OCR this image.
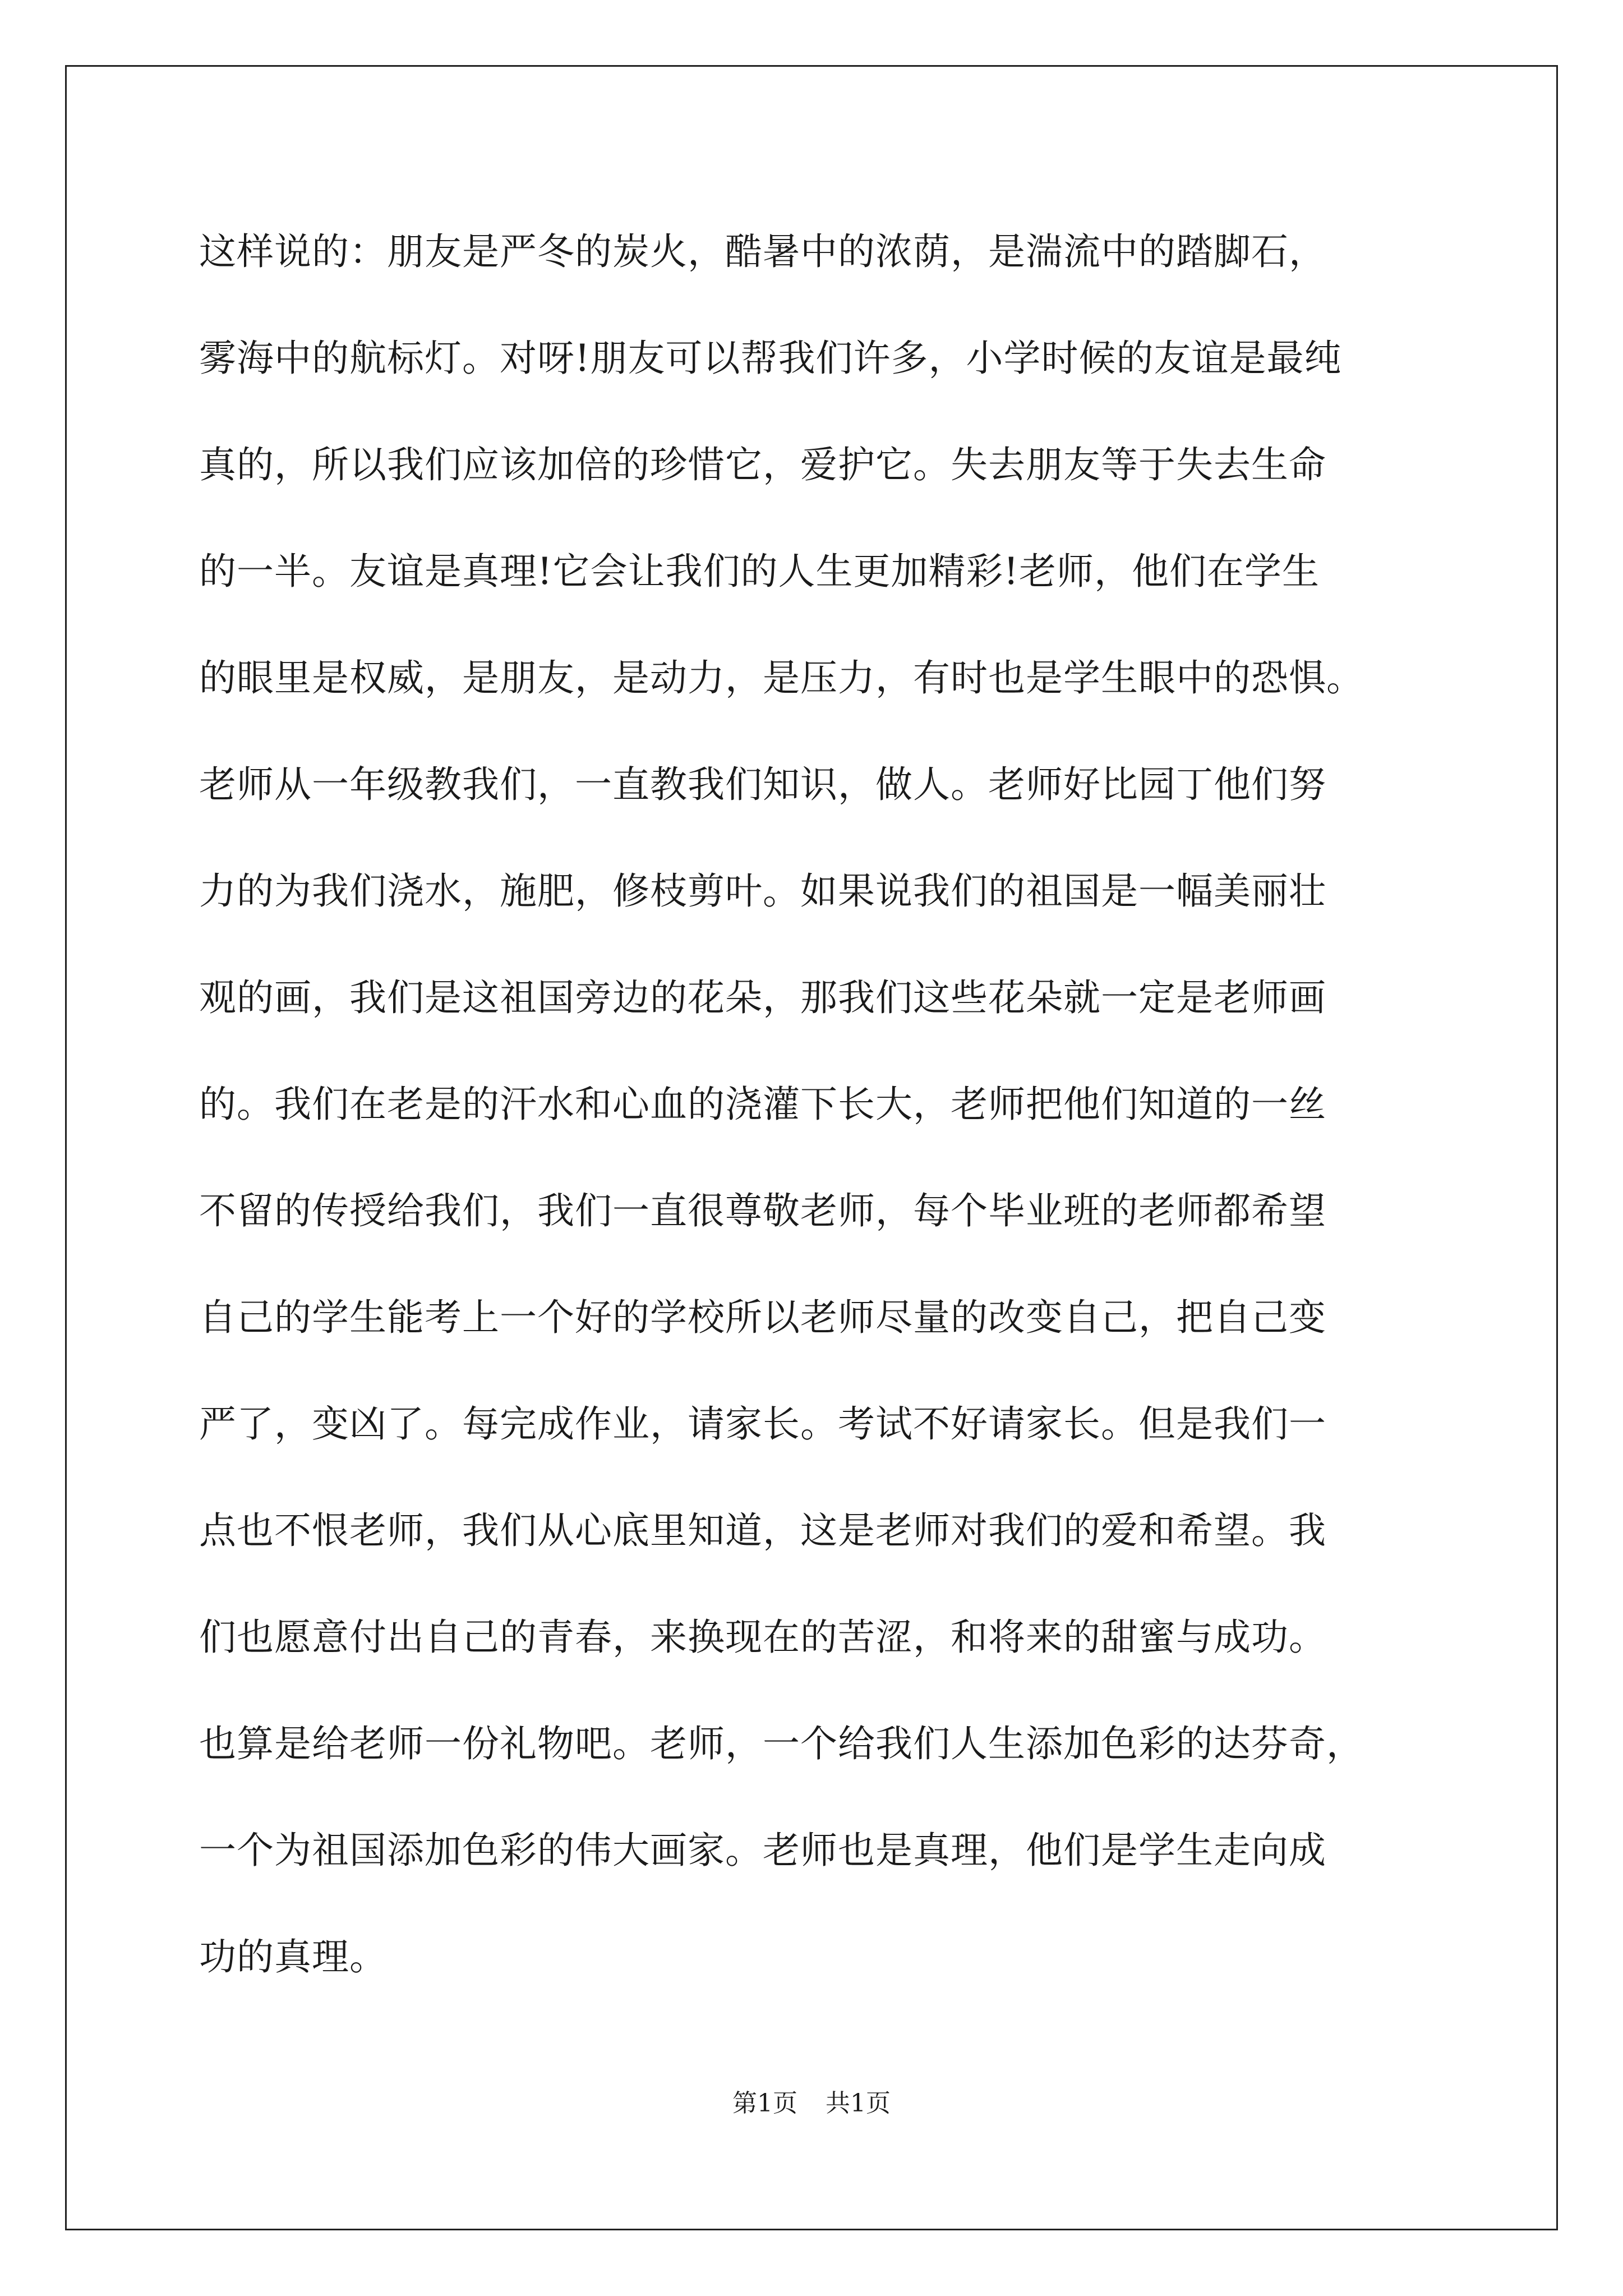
这样说的：朋友是严冬的炭火，酷暑中的浓荫，是湍流中的踏脚石，
雾海中的航标灯。对呀!朋友可以帮我们许多，小学时候的友谊是最纯
真的，所以我们应该加倍的珍惜它，爱护它。失去朋友等于失去生命
的一半。友谊是真理!它会让我们的人生更加精彩!老师，他们在学生
的眼里是权威，是朋友，是动力，是压力，有时也是学生眼中的恐惧。
老师从一年级教我们，一直教我们知识，做人。老师好比园丁他们努
力的为我们浇水，施肥，修枝剪叶。如果说我们的祖国是一幅美丽壮
观的画，我们是这祖国旁边的花朵，那我们这些花朵就一定是老师画
的。我们在老是的汗水和心血的浇灌下长大，老师把他们知道的一丝
不留的传授给我们，我们一直很尊敬老师，每个毕业班的老师都希望
自己的学生能考上一个好的学校所以老师尽量的改变自己，把自己变
严了，变凶了。每完成作业，请家长。考试不好请家长。但是我们一
点也不恨老师，我们从心底里知道，这是老师对我们的爱和希望。我
们也愿意付出自己的青春，来换现在的苦涩，和将来的甜蜜与成功。
也算是给老师一份礼物吧。老师，一个给我们人生添加色彩的达芬奇，
一个为祖国添加色彩的伟大画家。老师也是真理，他们是学生走向成
功的真理。
第1页 共1页
